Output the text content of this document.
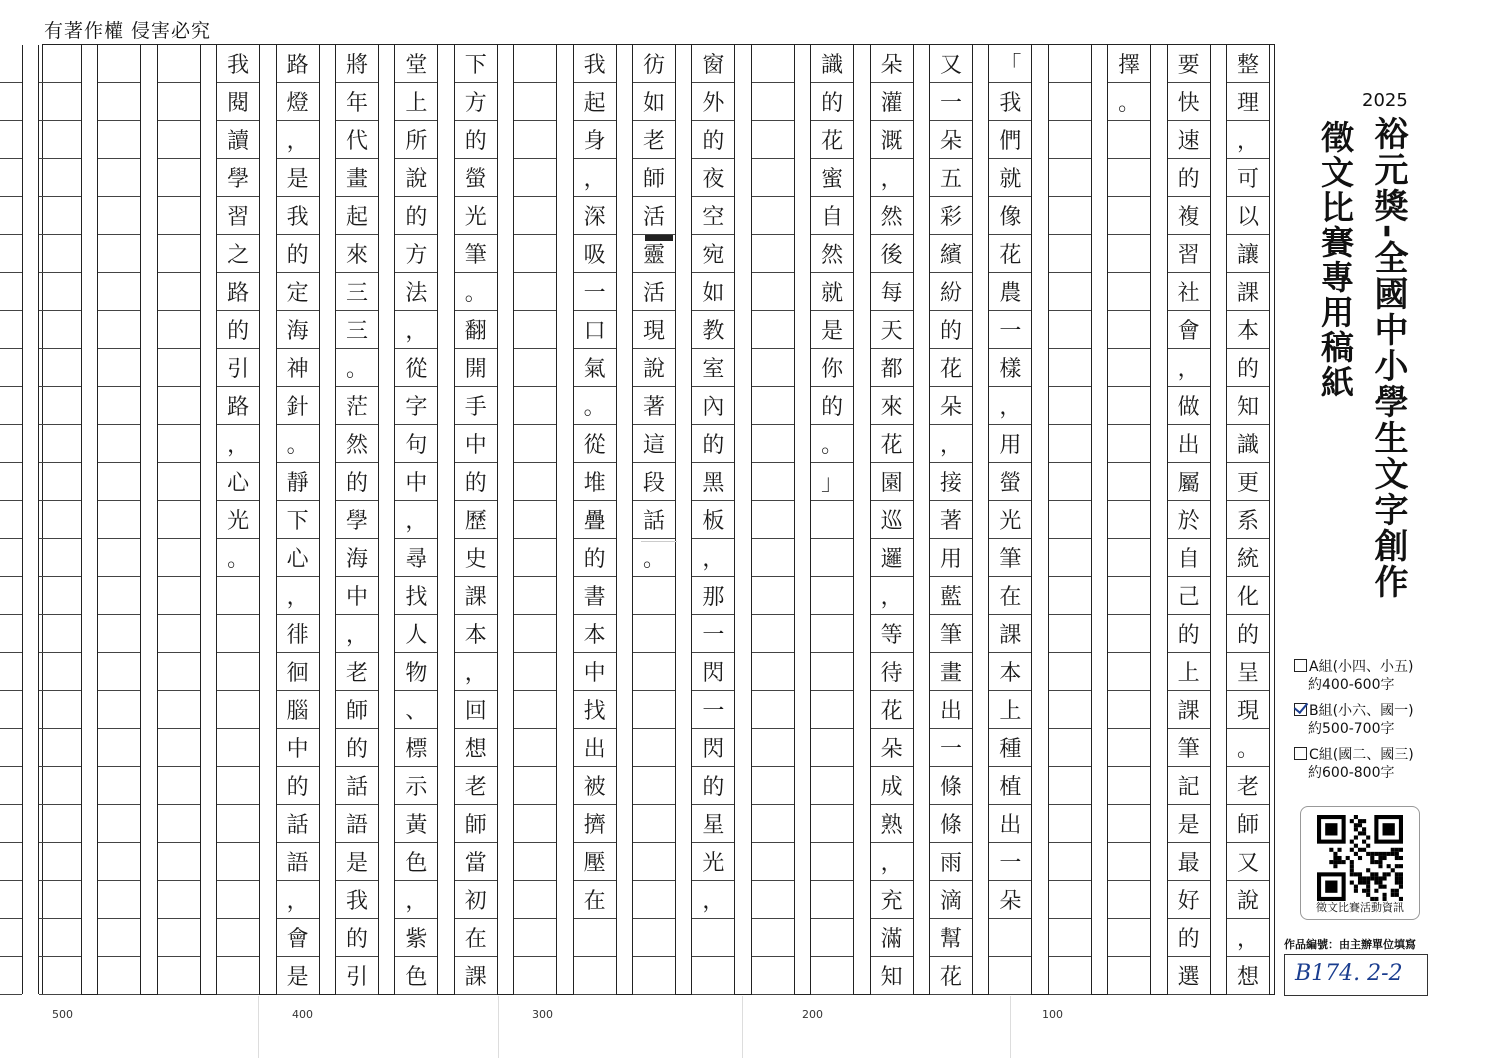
有著作權 侵害必究
整
理
，
可
以
讓
課
本
的
知
識
更
系
統
化
的
呈
現
。
老
師
又
說
，
想
要
快
速
的
複
習
社
會
，
做
出
屬
於
自
己
的
上
課
筆
記
是
最
好
的
選
擇
。
「
我
們
就
像
花
農
一
樣
，
用
螢
光
筆
在
課
本
上
種
植
出
一
朵
又
一
朵
五
彩
繽
紛
的
花
朵
，
接
著
用
藍
筆
畫
出
一
條
條
雨
滴
幫
花
朵
灌
溉
，
然
後
每
天
都
來
花
園
巡
邏
，
等
待
花
朵
成
熟
，
充
滿
知
識
的
花
蜜
自
然
就
是
你
的
。
」
窗
外
的
夜
空
宛
如
教
室
內
的
黑
板
，
那
一
閃
一
閃
的
星
光
，
彷
如
老
師
活
靈
活
現
說
著
這
段
話
。
我
起
身
，
深
吸
一
口
氣
。
從
堆
疊
的
書
本
中
找
出
被
擠
壓
在
下
方
的
螢
光
筆
。
翻
開
手
中
的
歷
史
課
本
，
回
想
老
師
當
初
在
課
堂
上
所
說
的
方
法
，
從
字
句
中
，
尋
找
人
物
、
標
示
黃
色
，
紫
色
將
年
代
畫
起
來
三
三
。
茫
然
的
學
海
中
，
老
師
的
話
語
是
我
的
引
路
燈
，
是
我
的
定
海
神
針
。
靜
下
心
，
徘
徊
腦
中
的
話
語
，
會
是
我
閱
讀
學
習
之
路
的
引
路
，
心
光
。
500	400	300	200	100
2025
裕元獎-全國中小學生文字創作
徵文比賽專用稿紙
A組(小四、小五)
約400-600字
B組(小六、國一)
約500-700字
C組(國二、國三)
約600-800字
徵文比賽活動資訊
作品編號：由主辦單位填寫
B174. 2-2
